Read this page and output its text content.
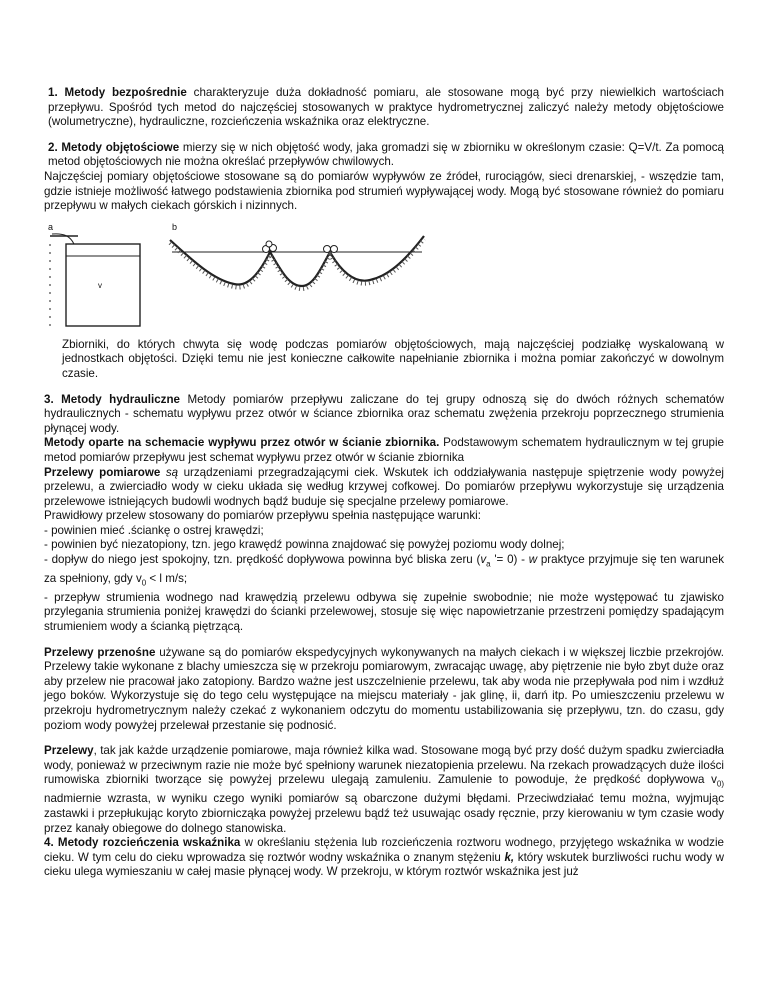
1. Metody bezpośrednie charakteryzuje duża dokładność pomiaru, ale stosowane mogą być przy niewielkich wartościach przepływu. Spośród tych metod do najczęściej stosowanych w praktyce hydrometrycznej zaliczyć należy metody objętościowe (wolumetryczne), hydrauliczne, rozcieńczenia wskaźnika oraz elektryczne.

2. Metody objętościowe mierzy się w nich objętość wody, jaka gromadzi się w zbiorniku w określonym czasie: Q=V/t. Za pomocą metod objętościowych nie można określać przepływów chwilowych.

Najczęściej pomiary objętościowe stosowane są do pomiarów wypływów ze źródeł, rurociągów, sieci drenarskiej, - wszędzie tam, gdzie istnieje możliwość łatwego podstawienia zbiornika pod strumień wypływającej wody. Mogą być stosowane również do pomiaru przepływu w małych ciekach górskich i nizinnych.

a
v
b

Zbiorniki, do których chwyta się wodę podczas pomiarów objętościowych, mają najczęściej podziałkę wyskalowaną w jednostkach objętości. Dzięki temu nie jest konieczne całkowite napełnianie zbiornika i można pomiar zakończyć w dowolnym czasie.

3. Metody hydrauliczne Metody pomiarów przepływu zaliczane do tej grupy odnoszą się do dwóch różnych schematów hydraulicznych - schematu wypływu przez otwór w ściance zbiornika oraz schematu zwężenia przekroju poprzecznego strumienia płynącej wody.

Metody oparte na schemacie wypływu przez otwór w ścianie zbiornika. Podstawowym schematem hydraulicznym w tej grupie metod pomiarów przepływu jest schemat wypływu przez otwór w ścianie zbiornika

Przelewy pomiarowe są urządzeniami przegradzającymi ciek. Wskutek ich oddziaływania następuje spiętrzenie wody powyżej przelewu, a zwierciadło wody w cieku układa się według krzywej cofkowej. Do pomiarów przepływu wykorzystuje się urządzenia przelewowe istniejących budowli wodnych bądź buduje się specjalne przelewy pomiarowe.

Prawidłowy przelew stosowany do pomiarów przepływu spełnia następujące warunki:

- powinien mieć .ściankę o ostrej krawędzi;

- powinien być niezatopiony, tzn. jego krawędź powinna znajdować się powyżej poziomu wody dolnej;

- dopływ do niego jest spokojny, tzn. prędkość dopływowa powinna być bliska zeru ($v_a$ '= 0) - w praktyce przyjmuje się ten warunek za spełniony, gdy $v_0 < l$ m/s;

- przepływ strumienia wodnego nad krawędzią przelewu odbywa się zupełnie swobodnie; nie może występować tu zjawisko przylegania strumienia poniżej krawędzi do ścianki przelewowej, stosuje się więc napowietrzanie przestrzeni pomiędzy spadającym strumieniem wody a ścianką piętrzącą.

Przelewy przenośne używane są do pomiarów ekspedycyjnych wykonywanych na małych ciekach i w większej liczbie przekrojów. Przelewy takie wykonane z blachy umieszcza się w przekroju pomiarowym, zwracając uwagę, aby piętrzenie nie było zbyt duże oraz aby przelew nie pracował jako zatopiony. Bardzo ważne jest uszczelnienie przelewu, tak aby woda nie przepływała pod nim i wzdłuż jego boków. Wykorzystuje się do tego celu występujące na miejscu materiały - jak glinę, ii, darń itp. Po umieszczeniu przelewu w przekroju hydrometrycznym należy czekać z wykonaniem odczytu do momentu ustabilizowania się przepływu, tzn. do czasu, gdy poziom wody powyżej przelewał przestanie się podnosić.

Przelewy, tak jak każde urządzenie pomiarowe, maja również kilka wad. Stosowane mogą być przy dość dużym spadku zwierciadła wody, ponieważ w przeciwnym razie nie może być spełniony warunek niezatopienia przelewu. Na rzekach prowadzących duże ilości rumowiska zbiorniki tworzące się powyżej przelewu ulegają zamuleniu. Zamulenie to powoduje, że prędkość dopływowa $v_{0)}$ nadmiernie wzrasta, w wyniku czego wyniki pomiarów są obarczone dużymi błędami. Przeciwdziałać temu można, wyjmując zastawki i przepłukując koryto zbiornicząka powyżej przelewu bądź też usuwając osady ręcznie, przy kierowaniu w tym czasie wody przez kanały obiegowe do dolnego stanowiska.

4. Metody rozcieńczenia wskaźnika w określaniu stężenia lub rozcieńczenia roztworu wodnego, przyjętego wskaźnika w wodzie cieku. W tym celu do cieku wprowadza się roztwór wodny wskaźnika o znanym stężeniu k, który wskutek burzliwości ruchu wody w cieku ulega wymieszaniu w całej masie płynącej wody. W przekroju, w którym roztwór wskaźnika jest już
